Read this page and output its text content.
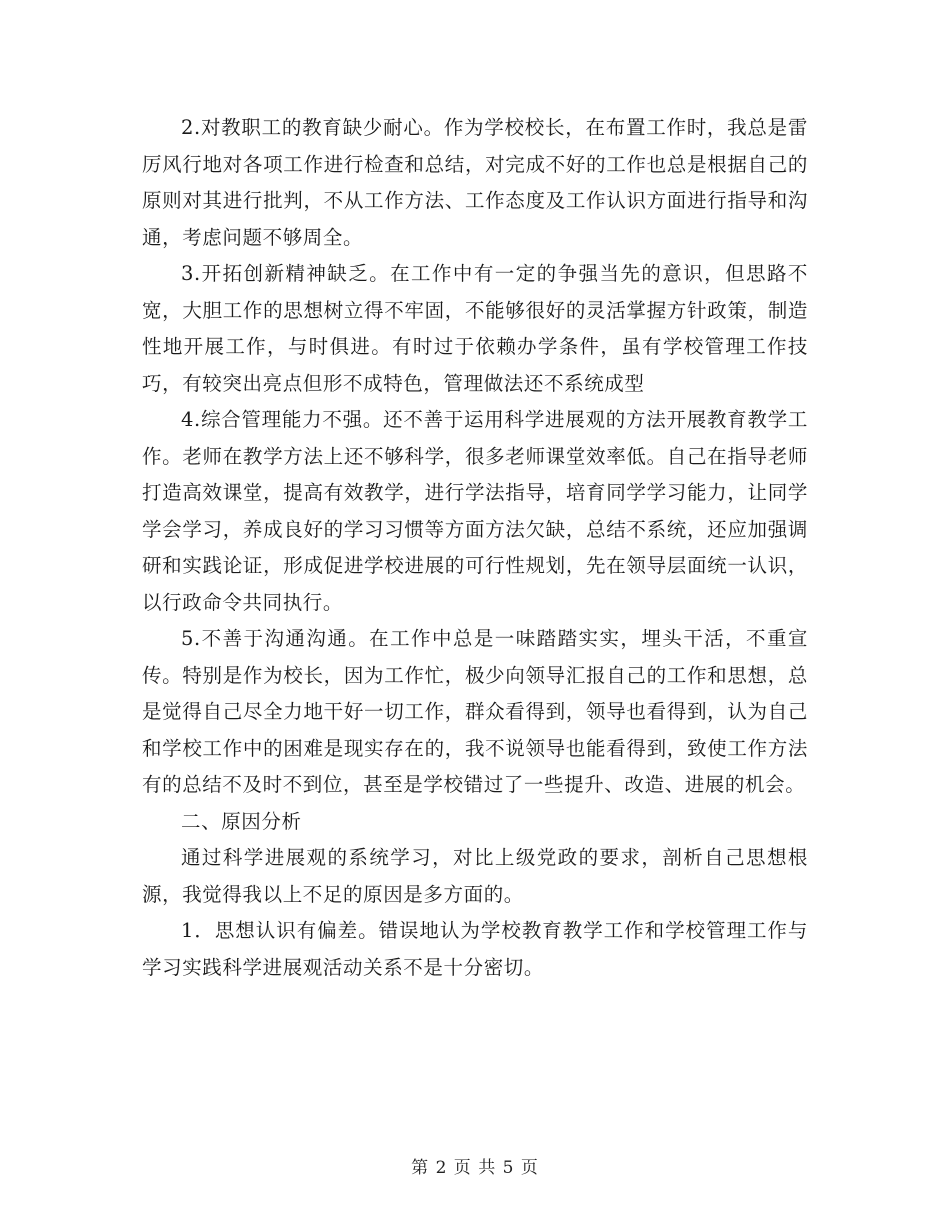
2.对教职工的教育缺少耐心。作为学校校长，在布置工作时，我总是雷厉风行地对各项工作进行检查和总结，对完成不好的工作也总是根据自己的原则对其进行批判，不从工作方法、工作态度及工作认识方面进行指导和沟通，考虑问题不够周全。

3.开拓创新精神缺乏。在工作中有一定的争强当先的意识，但思路不宽，大胆工作的思想树立得不牢固，不能够很好的灵活掌握方针政策，制造性地开展工作，与时俱进。有时过于依赖办学条件，虽有学校管理工作技巧，有较突出亮点但形不成特色，管理做法还不系统成型

4.综合管理能力不强。还不善于运用科学进展观的方法开展教育教学工作。老师在教学方法上还不够科学，很多老师课堂效率低。自己在指导老师打造高效课堂，提高有效教学，进行学法指导，培育同学学习能力，让同学学会学习，养成良好的学习习惯等方面方法欠缺，总结不系统，还应加强调研和实践论证，形成促进学校进展的可行性规划，先在领导层面统一认识，以行政命令共同执行。

5.不善于沟通沟通。在工作中总是一味踏踏实实，埋头干活，不重宣传。特别是作为校长，因为工作忙，极少向领导汇报自己的工作和思想，总是觉得自己尽全力地干好一切工作，群众看得到，领导也看得到，认为自己和学校工作中的困难是现实存在的，我不说领导也能看得到，致使工作方法有的总结不及时不到位，甚至是学校错过了一些提升、改造、进展的机会。

二、原因分析

通过科学进展观的系统学习，对比上级党政的要求，剖析自己思想根源，我觉得我以上不足的原因是多方面的。

1．思想认识有偏差。错误地认为学校教育教学工作和学校管理工作与学习实践科学进展观活动关系不是十分密切。

第 2 页 共 5 页
